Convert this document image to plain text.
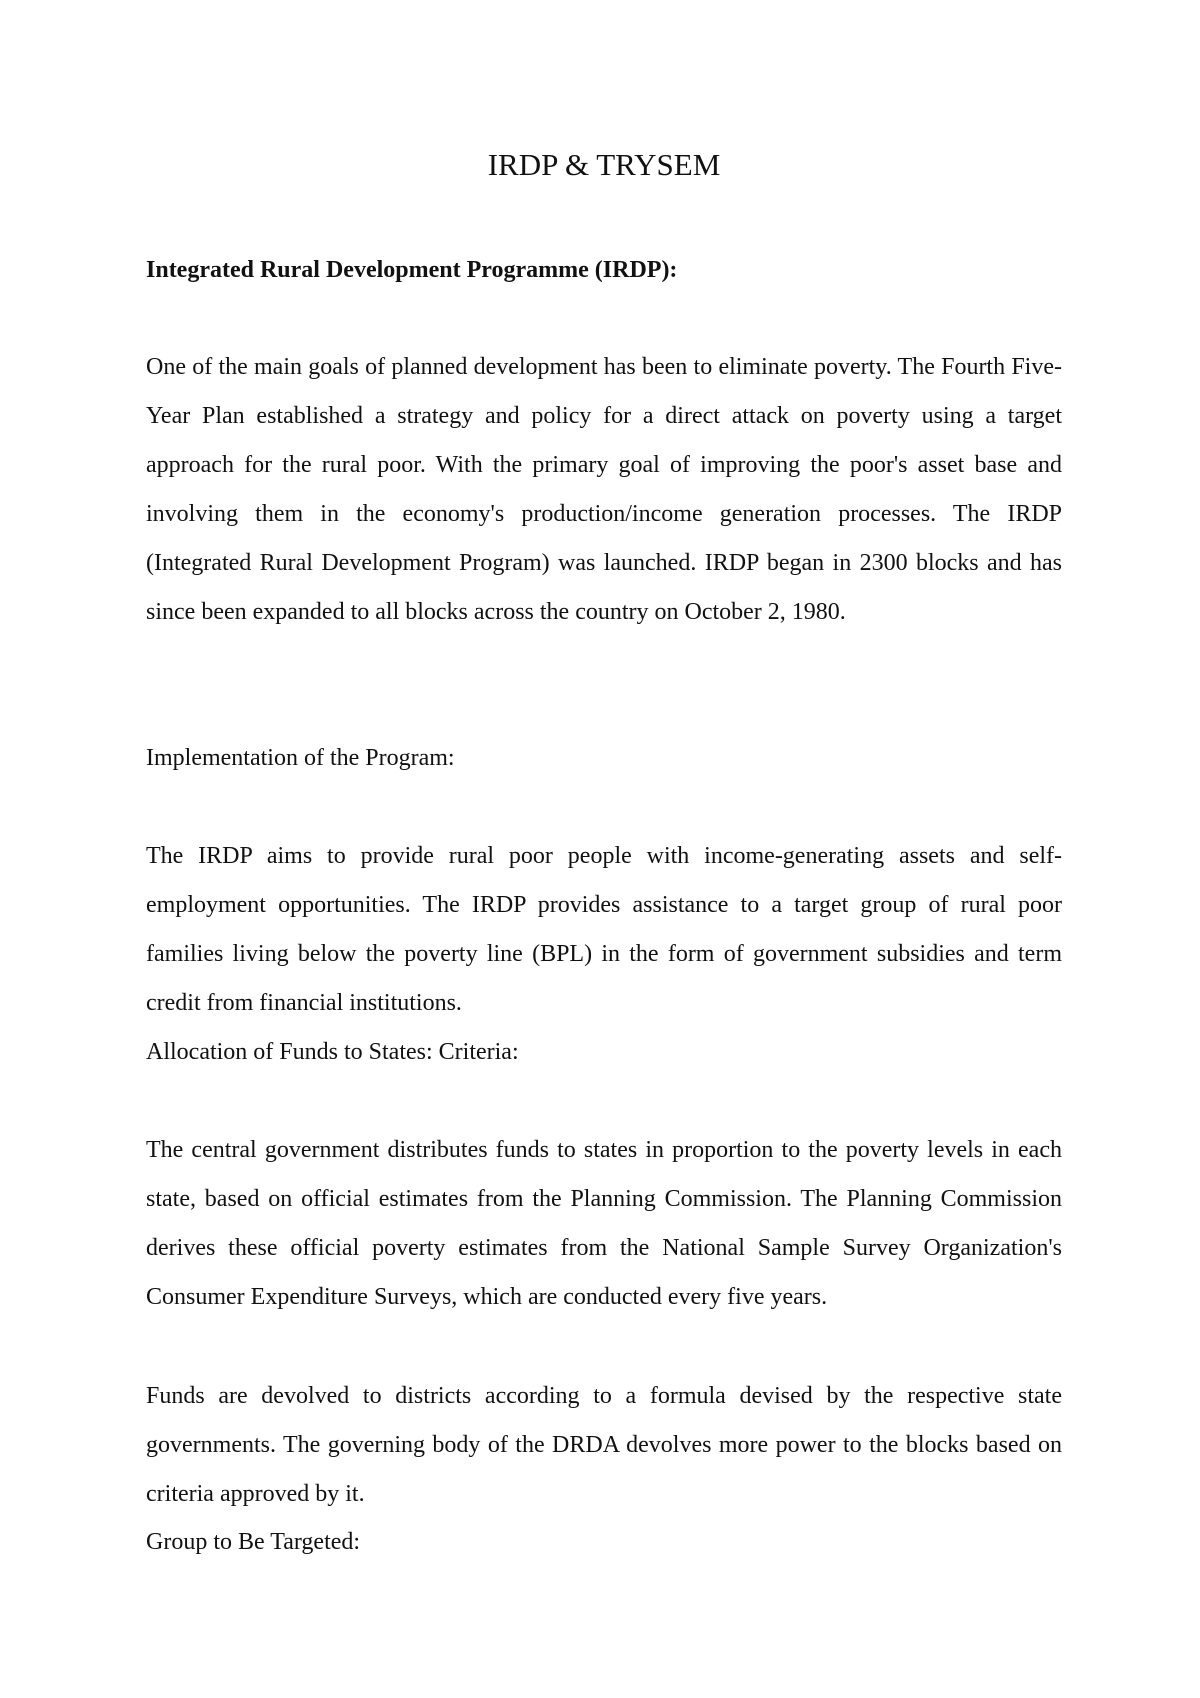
IRDP & TRYSEM
Integrated Rural Development Programme (IRDP):

One of the main goals of planned development has been to eliminate poverty. The Fourth Five-Year Plan established a strategy and policy for a direct attack on poverty using a target approach for the rural poor. With the primary goal of improving the poor's asset base and involving them in the economy's production/income generation processes. The IRDP (Integrated Rural Development Program) was launched. IRDP began in 2300 blocks and has since been expanded to all blocks across the country on October 2, 1980.

Implementation of the Program:

The IRDP aims to provide rural poor people with income-generating assets and self-employment opportunities. The IRDP provides assistance to a target group of rural poor families living below the poverty line (BPL) in the form of government subsidies and term credit from financial institutions.

Allocation of Funds to States: Criteria:

The central government distributes funds to states in proportion to the poverty levels in each state, based on official estimates from the Planning Commission. The Planning Commission derives these official poverty estimates from the National Sample Survey Organization's Consumer Expenditure Surveys, which are conducted every five years.

Funds are devolved to districts according to a formula devised by the respective state governments. The governing body of the DRDA devolves more power to the blocks based on criteria approved by it.

Group to Be Targeted:
